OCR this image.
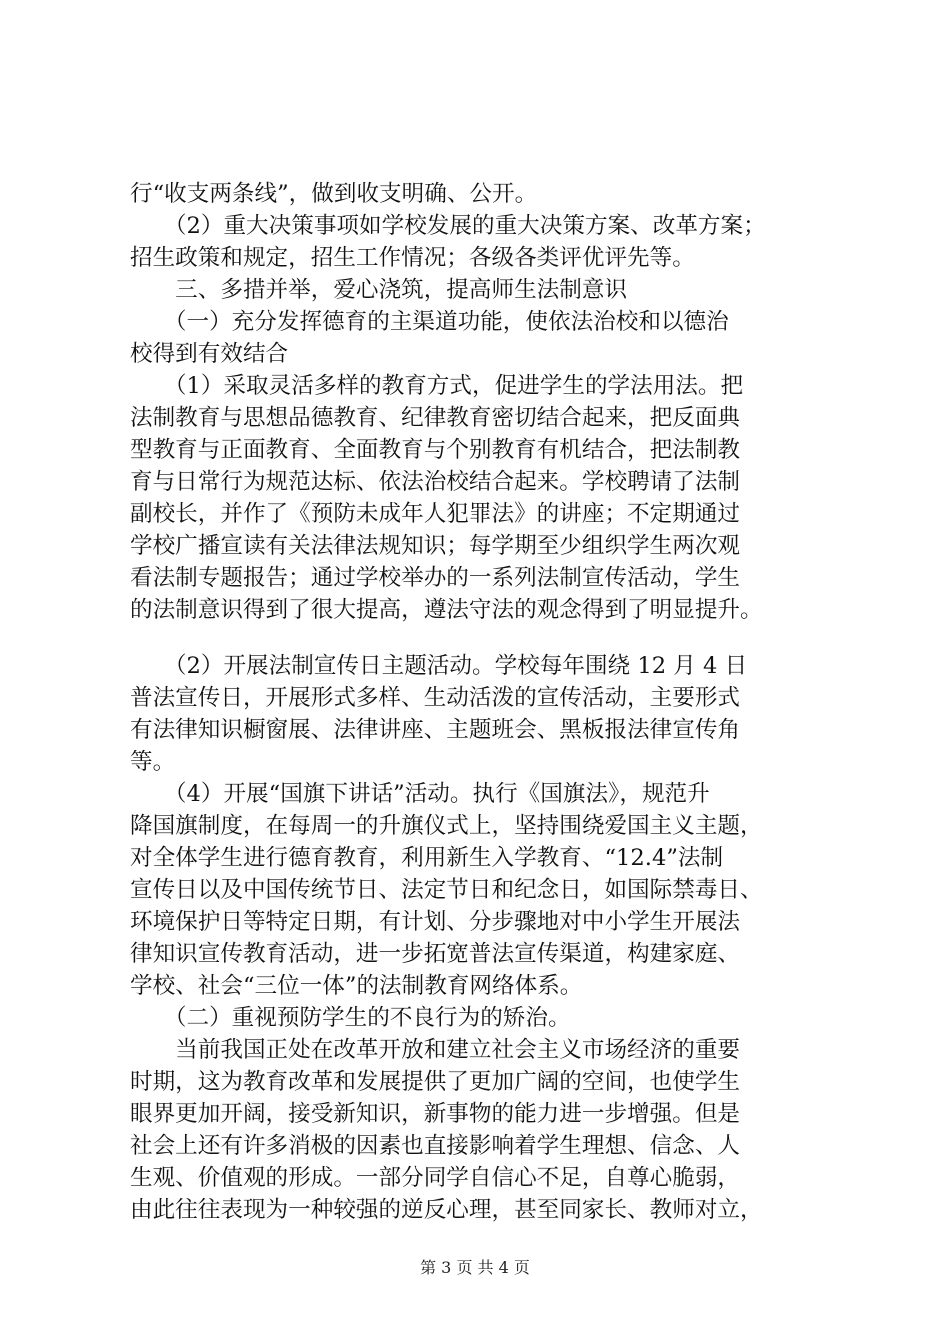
行“收支两条线”，做到收支明确、公开。
　　（2）重大决策事项如学校发展的重大决策方案、改革方案；
招生政策和规定，招生工作情况；各级各类评优评先等。
　　三、多措并举，爱心浇筑，提高师生法制意识
　　（一）充分发挥德育的主渠道功能，使依法治校和以德治
校得到有效结合
　　（1）采取灵活多样的教育方式，促进学生的学法用法。把
法制教育与思想品德教育、纪律教育密切结合起来，把反面典
型教育与正面教育、全面教育与个别教育有机结合，把法制教
育与日常行为规范达标、依法治校结合起来。学校聘请了法制
副校长，并作了《预防未成年人犯罪法》的讲座；不定期通过
学校广播宣读有关法律法规知识；每学期至少组织学生两次观
看法制专题报告；通过学校举办的一系列法制宣传活动，学生
的法制意识得到了很大提高，遵法守法的观念得到了明显提升。
　　（2）开展法制宣传日主题活动。学校每年围绕 12 月 4 日
普法宣传日，开展形式多样、生动活泼的宣传活动，主要形式
有法律知识橱窗展、法律讲座、主题班会、黑板报法律宣传角
等。
　　（4）开展“国旗下讲话”活动。执行《国旗法》，规范升
降国旗制度，在每周一的升旗仪式上，坚持围绕爱国主义主题，
对全体学生进行德育教育，利用新生入学教育、“12.4”法制
宣传日以及中国传统节日、法定节日和纪念日，如国际禁毒日、
环境保护日等特定日期，有计划、分步骤地对中小学生开展法
律知识宣传教育活动，进一步拓宽普法宣传渠道，构建家庭、
学校、社会“三位一体”的法制教育网络体系。
　　（二）重视预防学生的不良行为的矫治。
　　当前我国正处在改革开放和建立社会主义市场经济的重要
时期，这为教育改革和发展提供了更加广阔的空间，也使学生
眼界更加开阔，接受新知识，新事物的能力进一步增强。但是
社会上还有许多消极的因素也直接影响着学生理想、信念、人
生观、价值观的形成。一部分同学自信心不足，自尊心脆弱，
由此往往表现为一种较强的逆反心理，甚至同家长、教师对立，
第 3 页 共 4 页
